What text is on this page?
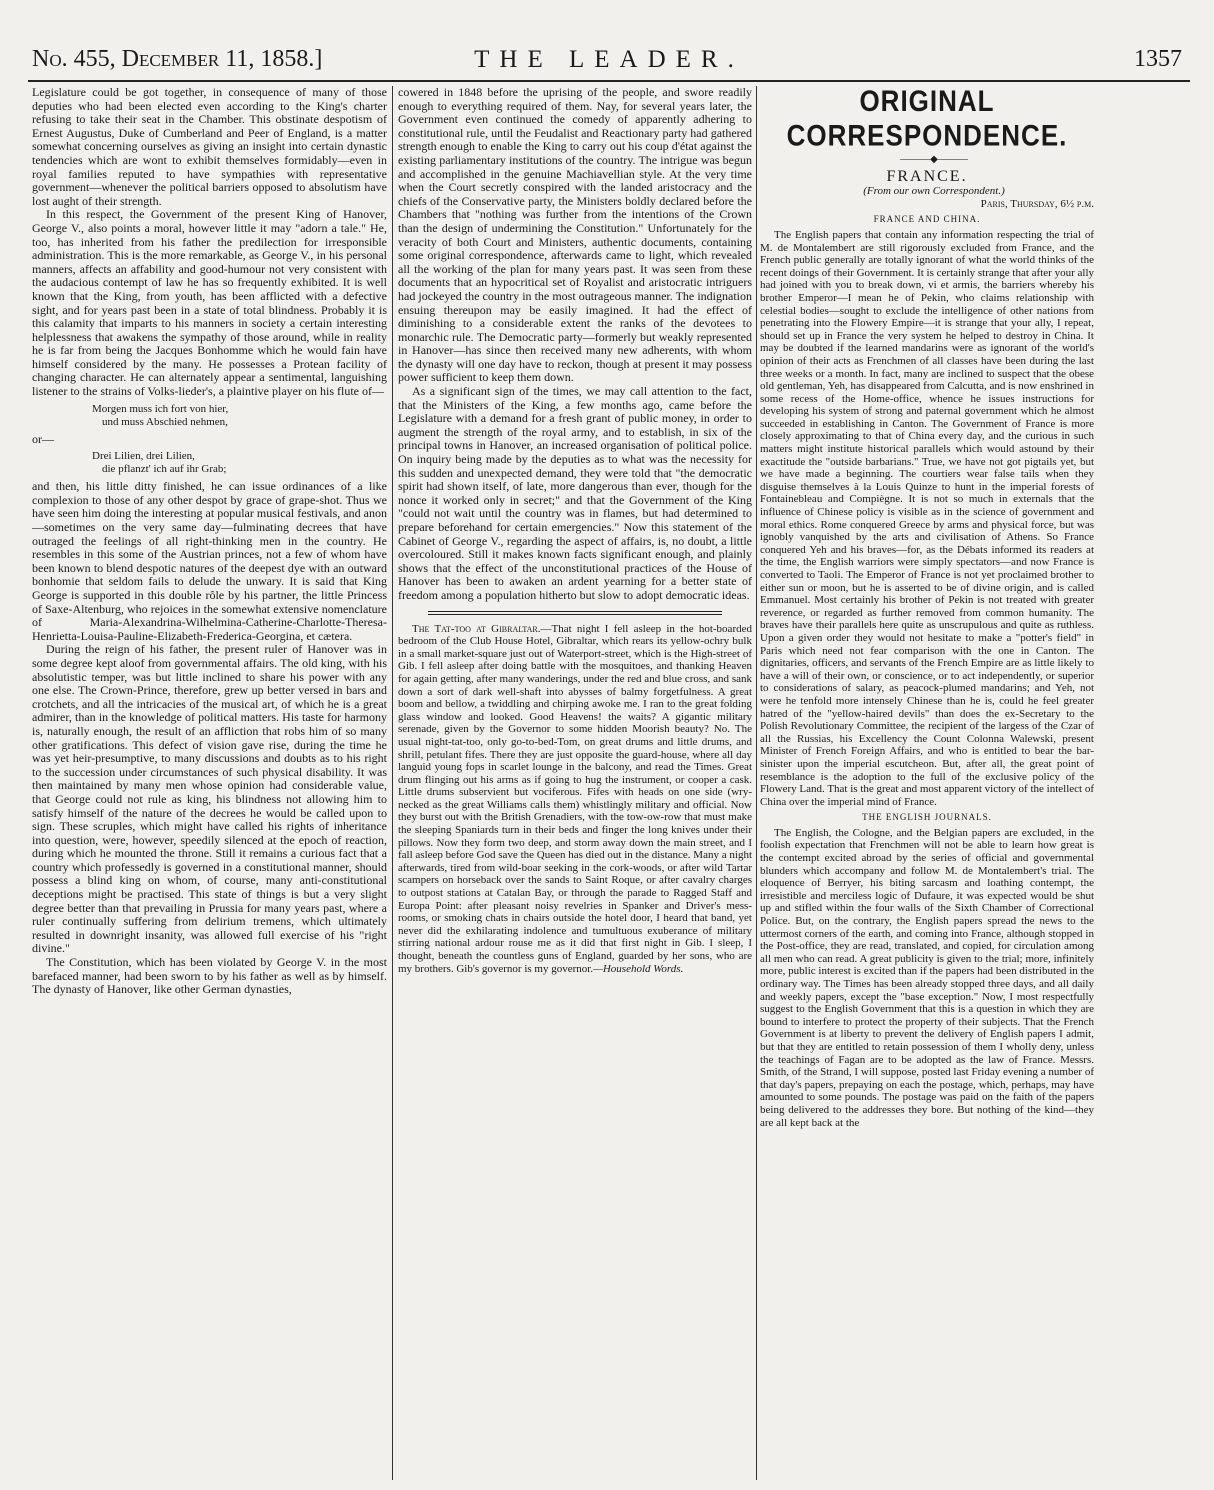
No. 455, December 11, 1858.]	THE LEADER.	1357

Legislature could be got together, in consequence of many of those deputies who had been elected even according to the King's charter refusing to take their seat in the Chamber. This obstinate despotism of Ernest Augustus, Duke of Cumberland and Peer of England, is a matter somewhat concerning ourselves as giving an insight into certain dynastic tendencies which are wont to exhibit themselves formidably—even in royal families reputed to have sympathies with representative government—whenever the political barriers opposed to absolutism have lost aught of their strength.

In this respect, the Government of the present King of Hanover, George V., also points a moral, however little it may "adorn a tale." He, too, has inherited from his father the predilection for irresponsible administration. This is the more remarkable, as George V., in his personal manners, affects an affability and good-humour not very consistent with the audacious contempt of law he has so frequently exhibited. It is well known that the King, from youth, has been afflicted with a defective sight, and for years past been in a state of total blindness. Probably it is this calamity that imparts to his manners in society a certain interesting helplessness that awakens the sympathy of those around, while in reality he is far from being the Jacques Bonhomme which he would fain have himself considered by the many. He possesses a Protean facility of changing character. He can alternately appear a sentimental, languishing listener to the strains of Volks-lieder's, a plaintive player on his flute of—

Morgen muss ich fort von hier,
und muss Abschied nehmen,
or—
Drei Lilien, drei Lilien,
die pflanzt' ich auf ihr Grab;

and then, his little ditty finished, he can issue ordinances of a like complexion to those of any other despot by grace of grape-shot. Thus we have seen him doing the interesting at popular musical festivals, and anon—sometimes on the very same day—fulminating decrees that have outraged the feelings of all right-thinking men in the country. He resembles in this some of the Austrian princes, not a few of whom have been known to blend despotic natures of the deepest dye with an outward bonhomie that seldom fails to delude the unwary. It is said that King George is supported in this double rôle by his partner, the little Princess of Saxe-Altenburg, who rejoices in the somewhat extensive nomenclature of Maria-Alexandrina-Wilhelmina-Catherine-Charlotte-Theresa-Henrietta-Louisa-Pauline-Elizabeth-Frederica-Georgina, et cætera.

During the reign of his father, the present ruler of Hanover was in some degree kept aloof from governmental affairs. The old king, with his absolutistic temper, was but little inclined to share his power with any one else. The Crown-Prince, therefore, grew up better versed in bars and crotchets, and all the intricacies of the musical art, of which he is a great admirer, than in the knowledge of political matters. His taste for harmony is, naturally enough, the result of an affliction that robs him of so many other gratifications. This defect of vision gave rise, during the time he was yet heir-presumptive, to many discussions and doubts as to his right to the succession under circumstances of such physical disability. It was then maintained by many men whose opinion had considerable value, that George could not rule as king, his blindness not allowing him to satisfy himself of the nature of the decrees he would be called upon to sign. These scruples, which might have called his rights of inheritance into question, were, however, speedily silenced at the epoch of reaction, during which he mounted the throne. Still it remains a curious fact that a country which professedly is governed in a constitutional manner, should possess a blind king on whom, of course, many anti-constitutional deceptions might be practised. This state of things is but a very slight degree better than that prevailing in Prussia for many years past, where a ruler continually suffering from delirium tremens, which ultimately resulted in downright insanity, was allowed full exercise of his "right divine."

The Constitution, which has been violated by George V. in the most barefaced manner, had been sworn to by his father as well as by himself. The dynasty of Hanover, like other German dynasties,

cowered in 1848 before the uprising of the people, and swore readily enough to everything required of them. Nay, for several years later, the Government even continued the comedy of apparently adhering to constitutional rule, until the Feudalist and Reactionary party had gathered strength enough to enable the King to carry out his coup d'état against the existing parliamentary institutions of the country. The intrigue was begun and accomplished in the genuine Machiavellian style. At the very time when the Court secretly conspired with the landed aristocracy and the chiefs of the Conservative party, the Ministers boldly declared before the Chambers that "nothing was further from the intentions of the Crown than the design of undermining the Constitution." Unfortunately for the veracity of both Court and Ministers, authentic documents, containing some original correspondence, afterwards came to light, which revealed all the working of the plan for many years past. It was seen from these documents that an hypocritical set of Royalist and aristocratic intriguers had jockeyed the country in the most outrageous manner. The indignation ensuing thereupon may be easily imagined. It had the effect of diminishing to a considerable extent the ranks of the devotees to monarchic rule. The Democratic party—formerly but weakly represented in Hanover—has since then received many new adherents, with whom the dynasty will one day have to reckon, though at present it may possess power sufficient to keep them down.

As a significant sign of the times, we may call attention to the fact, that the Ministers of the King, a few months ago, came before the Legislature with a demand for a fresh grant of public money, in order to augment the strength of the royal army, and to establish, in six of the principal towns in Hanover, an increased organisation of political police. On inquiry being made by the deputies as to what was the necessity for this sudden and unexpected demand, they were told that "the democratic spirit had shown itself, of late, more dangerous than ever, though for the nonce it worked only in secret;" and that the Government of the King "could not wait until the country was in flames, but had determined to prepare beforehand for certain emergencies." Now this statement of the Cabinet of George V., regarding the aspect of affairs, is, no doubt, a little overcoloured. Still it makes known facts significant enough, and plainly shows that the effect of the unconstitutional practices of the House of Hanover has been to awaken an ardent yearning for a better state of freedom among a population hitherto but slow to adopt democratic ideas.

The Tat-too at Gibraltar.—That night I fell asleep in the hot-boarded bedroom of the Club House Hotel, Gibraltar, which rears its yellow-ochry bulk in a small market-square just out of Waterport-street, which is the High-street of Gib. I fell asleep after doing battle with the mosquitoes, and thanking Heaven for again getting, after many wanderings, under the red and blue cross, and sank down a sort of dark well-shaft into abysses of balmy forgetfulness. A great boom and bellow, a twiddling and chirping awoke me. I ran to the great folding glass window and looked. Good Heavens! the waits? A gigantic military serenade, given by the Governor to some hidden Moorish beauty? No. The usual night-tat-too, only go-to-bed-Tom, on great drums and little drums, and shrill, petulant fifes. There they are just opposite the guard-house, where all day languid young fops in scarlet lounge in the balcony, and read the Times. Great drum flinging out his arms as if going to hug the instrument, or cooper a cask. Little drums subservient but vociferous. Fifes with heads on one side (wry-necked as the great Williams calls them) whistlingly military and official. Now they burst out with the British Grenadiers, with the tow-ow-row that must make the sleeping Spaniards turn in their beds and finger the long knives under their pillows. Now they form two deep, and storm away down the main street, and I fall asleep before God save the Queen has died out in the distance. Many a night afterwards, tired from wild-boar seeking in the cork-woods, or after wild Tartar scampers on horseback over the sands to Saint Roque, or after cavalry charges to outpost stations at Catalan Bay, or through the parade to Ragged Staff and Europa Point: after pleasant noisy revelries in Spanker and Driver's mess-rooms, or smoking chats in chairs outside the hotel door, I heard that band, yet never did the exhilarating indolence and tumultuous exuberance of military stirring national ardour rouse me as it did that first night in Gib. I sleep, I thought, beneath the countless guns of England, guarded by her sons, who are my brothers. Gib's governor is my governor.—Household Words.

ORIGINAL CORRESPONDENCE.

———◆———

FRANCE.

(From our own Correspondent.)

Paris, Thursday, 6½ p.m.

FRANCE AND CHINA.

The English papers that contain any information respecting the trial of M. de Montalembert are still rigorously excluded from France, and the French public generally are totally ignorant of what the world thinks of the recent doings of their Government. It is certainly strange that after your ally had joined with you to break down, vi et armis, the barriers whereby his brother Emperor—I mean he of Pekin, who claims relationship with celestial bodies—sought to exclude the intelligence of other nations from penetrating into the Flowery Empire—it is strange that your ally, I repeat, should set up in France the very system he helped to destroy in China. It may be doubted if the learned mandarins were as ignorant of the world's opinion of their acts as Frenchmen of all classes have been during the last three weeks or a month. In fact, many are inclined to suspect that the obese old gentleman, Yeh, has disappeared from Calcutta, and is now enshrined in some recess of the Home-office, whence he issues instructions for developing his system of strong and paternal government which he almost succeeded in establishing in Canton. The Government of France is more closely approximating to that of China every day, and the curious in such matters might institute historical parallels which would astound by their exactitude the "outside barbarians." True, we have not got pigtails yet, but we have made a beginning. The courtiers wear false tails when they disguise themselves à la Louis Quinze to hunt in the imperial forests of Fontainebleau and Compiègne. It is not so much in externals that the influence of Chinese policy is visible as in the science of government and moral ethics. Rome conquered Greece by arms and physical force, but was ignobly vanquished by the arts and civilisation of Athens. So France conquered Yeh and his braves—for, as the Débats informed its readers at the time, the English warriors were simply spectators—and now France is converted to Taoli. The Emperor of France is not yet proclaimed brother to either sun or moon, but he is asserted to be of divine origin, and is called Emmanuel. Most certainly his brother of Pekin is not treated with greater reverence, or regarded as further removed from common humanity. The braves have their parallels here quite as unscrupulous and quite as ruthless. Upon a given order they would not hesitate to make a "potter's field" in Paris which need not fear comparison with the one in Canton. The dignitaries, officers, and servants of the French Empire are as little likely to have a will of their own, or conscience, or to act independently, or superior to considerations of salary, as peacock-plumed mandarins; and Yeh, not were he tenfold more intensely Chinese than he is, could he feel greater hatred of the "yellow-haired devils" than does the ex-Secretary to the Polish Revolutionary Committee, the recipient of the largess of the Czar of all the Russias, his Excellency the Count Colonna Walewski, present Minister of French Foreign Affairs, and who is entitled to bear the bar-sinister upon the imperial escutcheon. But, after all, the great point of resemblance is the adoption to the full of the exclusive policy of the Flowery Land. That is the great and most apparent victory of the intellect of China over the imperial mind of France.

THE ENGLISH JOURNALS.

The English, the Cologne, and the Belgian papers are excluded, in the foolish expectation that Frenchmen will not be able to learn how great is the contempt excited abroad by the series of official and governmental blunders which accompany and follow M. de Montalembert's trial. The eloquence of Berryer, his biting sarcasm and loathing contempt, the irresistible and merciless logic of Dufaure, it was expected would be shut up and stifled within the four walls of the Sixth Chamber of Correctional Police. But, on the contrary, the English papers spread the news to the uttermost corners of the earth, and coming into France, although stopped in the Post-office, they are read, translated, and copied, for circulation among all men who can read. A great publicity is given to the trial; more, infinitely more, public interest is excited than if the papers had been distributed in the ordinary way. The Times has been already stopped three days, and all daily and weekly papers, except the "base exception." Now, I most respectfully suggest to the English Government that this is a question in which they are bound to interfere to protect the property of their subjects. That the French Government is at liberty to prevent the delivery of English papers I admit, but that they are entitled to retain possession of them I wholly deny, unless the teachings of Fagan are to be adopted as the law of France. Messrs. Smith, of the Strand, I will suppose, posted last Friday evening a number of that day's papers, prepaying on each the postage, which, perhaps, may have amounted to some pounds. The postage was paid on the faith of the papers being delivered to the addresses they bore. But nothing of the kind—they are all kept back at the
